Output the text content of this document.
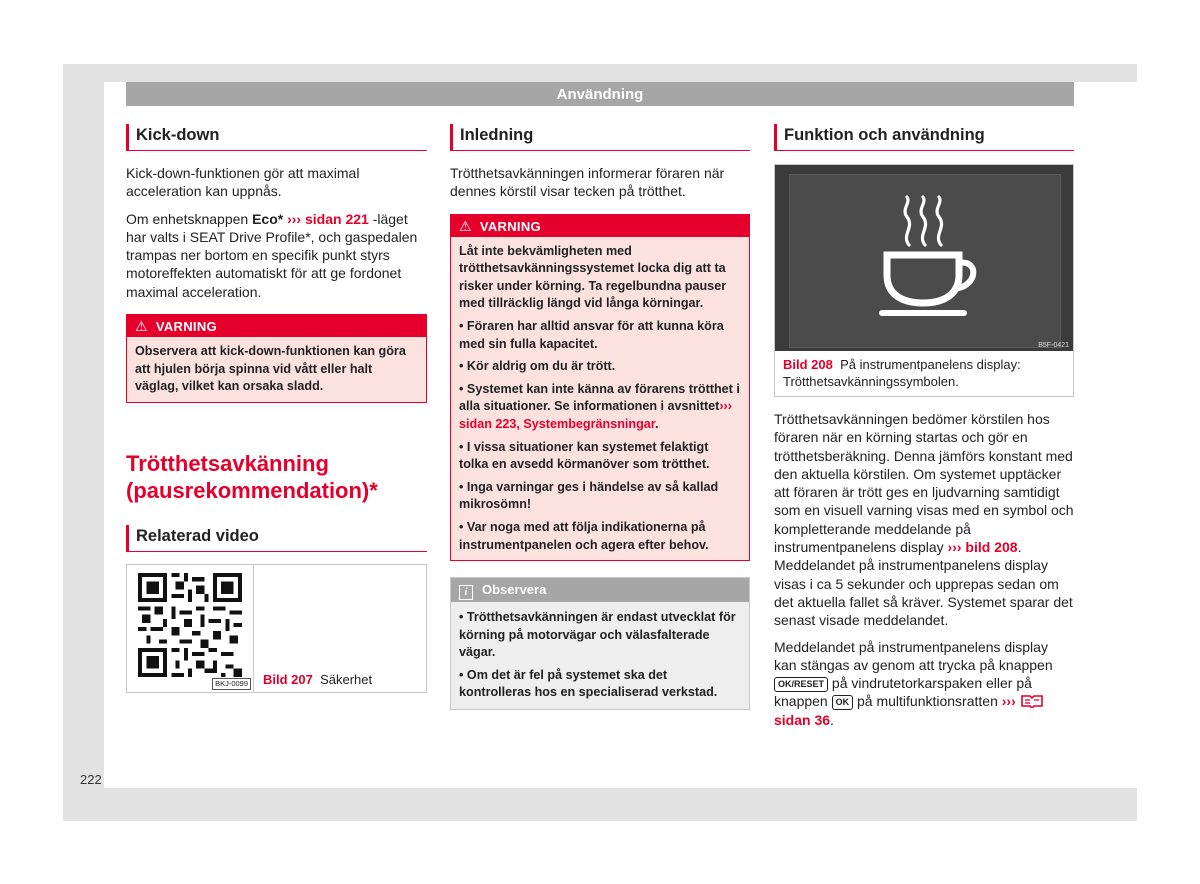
Användning
Kick-down

Kick-down-funktionen gör att maximal acceleration kan uppnås.

Om enhetsknappen Eco* ››› sidan 221 -läget har valts i SEAT Drive Profile*, och gaspedalen trampas ner bortom en specifik punkt styrs motoreffekten automatiskt för att ge fordonet maximal acceleration.

⚠ VARNING

Observera att kick-down-funktionen kan göra att hjulen börja spinna vid vått eller halt väglag, vilket kan orsaka sladd.

Trötthetsavkänning (pausrekommendation)*

Relaterad video
BKJ-0099 Bild 207 Säkerhet
Inledning

Trötthetsavkänningen informerar föraren när dennes körstil visar tecken på trötthet.

⚠ VARNING

Låt inte bekvämligheten med trötthetsavkänningssystemet locka dig att ta risker under körning. Ta regelbundna pauser med tillräcklig längd vid långa körningar.

• Föraren har alltid ansvar för att kunna köra med sin fulla kapacitet.

• Kör aldrig om du är trött.

• Systemet kan inte känna av förarens trötthet i alla situationer. Se informationen i avsnittet››› sidan 223, Systembegränsningar.

• I vissa situationer kan systemet felaktigt tolka en avsedd körmanöver som trötthet.

• Inga varningar ges i händelse av så kallad mikrosömn!

• Var noga med att följa indikationerna på instrumentpanelen och agera efter behov.

i Observera

• Trötthetsavkänningen är endast utvecklat för körning på motorvägar och välasfalterade vägar.

• Om det är fel på systemet ska det kontrolleras hos en specialiserad verkstad.

Funktion och användning
B5F-0421
Bild 208 På instrumentpanelens display: Trötthetsavkänningssymbolen.

Trötthetsavkänningen bedömer körstilen hos föraren när en körning startas och gör en trötthetsberäkning. Denna jämförs konstant med den aktuella körstilen. Om systemet upptäcker att föraren är trött ges en ljudvarning samtidigt som en visuell varning visas med en symbol och kompletterande meddelande på instrumentpanelens display ››› bild 208. Meddelandet på instrumentpanelens display visas i ca 5 sekunder och upprepas sedan om det aktuella fallet så kräver. Systemet sparar det senast visade meddelandet.

Meddelandet på instrumentpanelens display kan stängas av genom att trycka på knappen OK/RESET på vindrutetorkarspaken eller på knappen OK på multifunktionsratten ›››  sidan 36.

222
